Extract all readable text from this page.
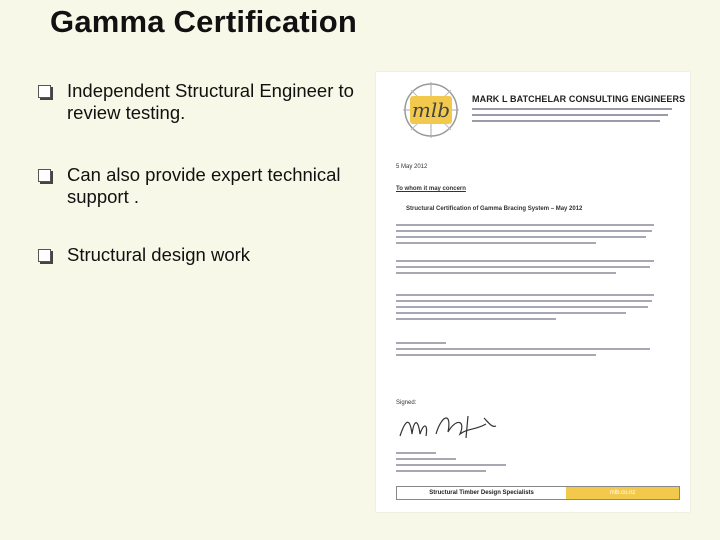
Gamma Certification
Independent Structural Engineer to review testing.
Can also provide expert technical support .
Structural design work
mlb MARK L BATCHELAR CONSULTING ENGINEERS
5 May 2012
To whom it may concern
Structural Certification of Gamma Bracing System – May 2012
Signed:
Structural Timber Design Specialists	mlb.co.nz
